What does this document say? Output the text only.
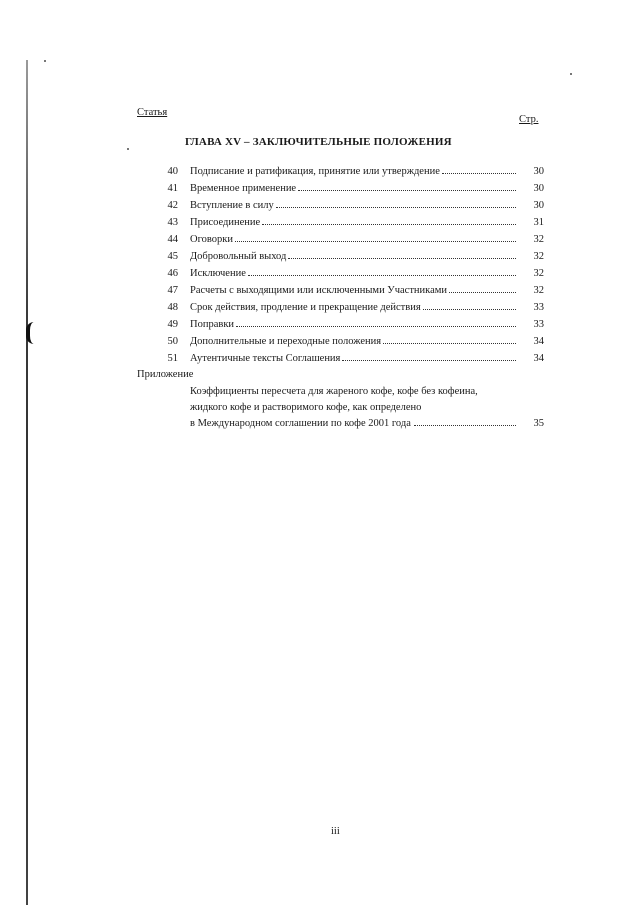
Статья
Стр.
ГЛАВА XV – ЗАКЛЮЧИТЕЛЬНЫЕ ПОЛОЖЕНИЯ
40 Подписание и ратификация, принятие или утверждение	30
41 Временное применение	30
42 Вступление в силу	30
43 Присоединение	31
44 Оговорки	32
45 Добровольный выход	32
46 Исключение	32
47 Расчеты с выходящими или исключенными Участниками	32
48 Срок действия, продление и прекращение действия	33
49 Поправки	33
50 Дополнительные и переходные положения	34
51 Аутентичные тексты Соглашения	34
Приложение
Коэффициенты пересчета для жареного кофе, кофе без кофеина,
жидкого кофе и растворимого кофе, как определено
в Международном соглашении по кофе 2001 года	35
iii
